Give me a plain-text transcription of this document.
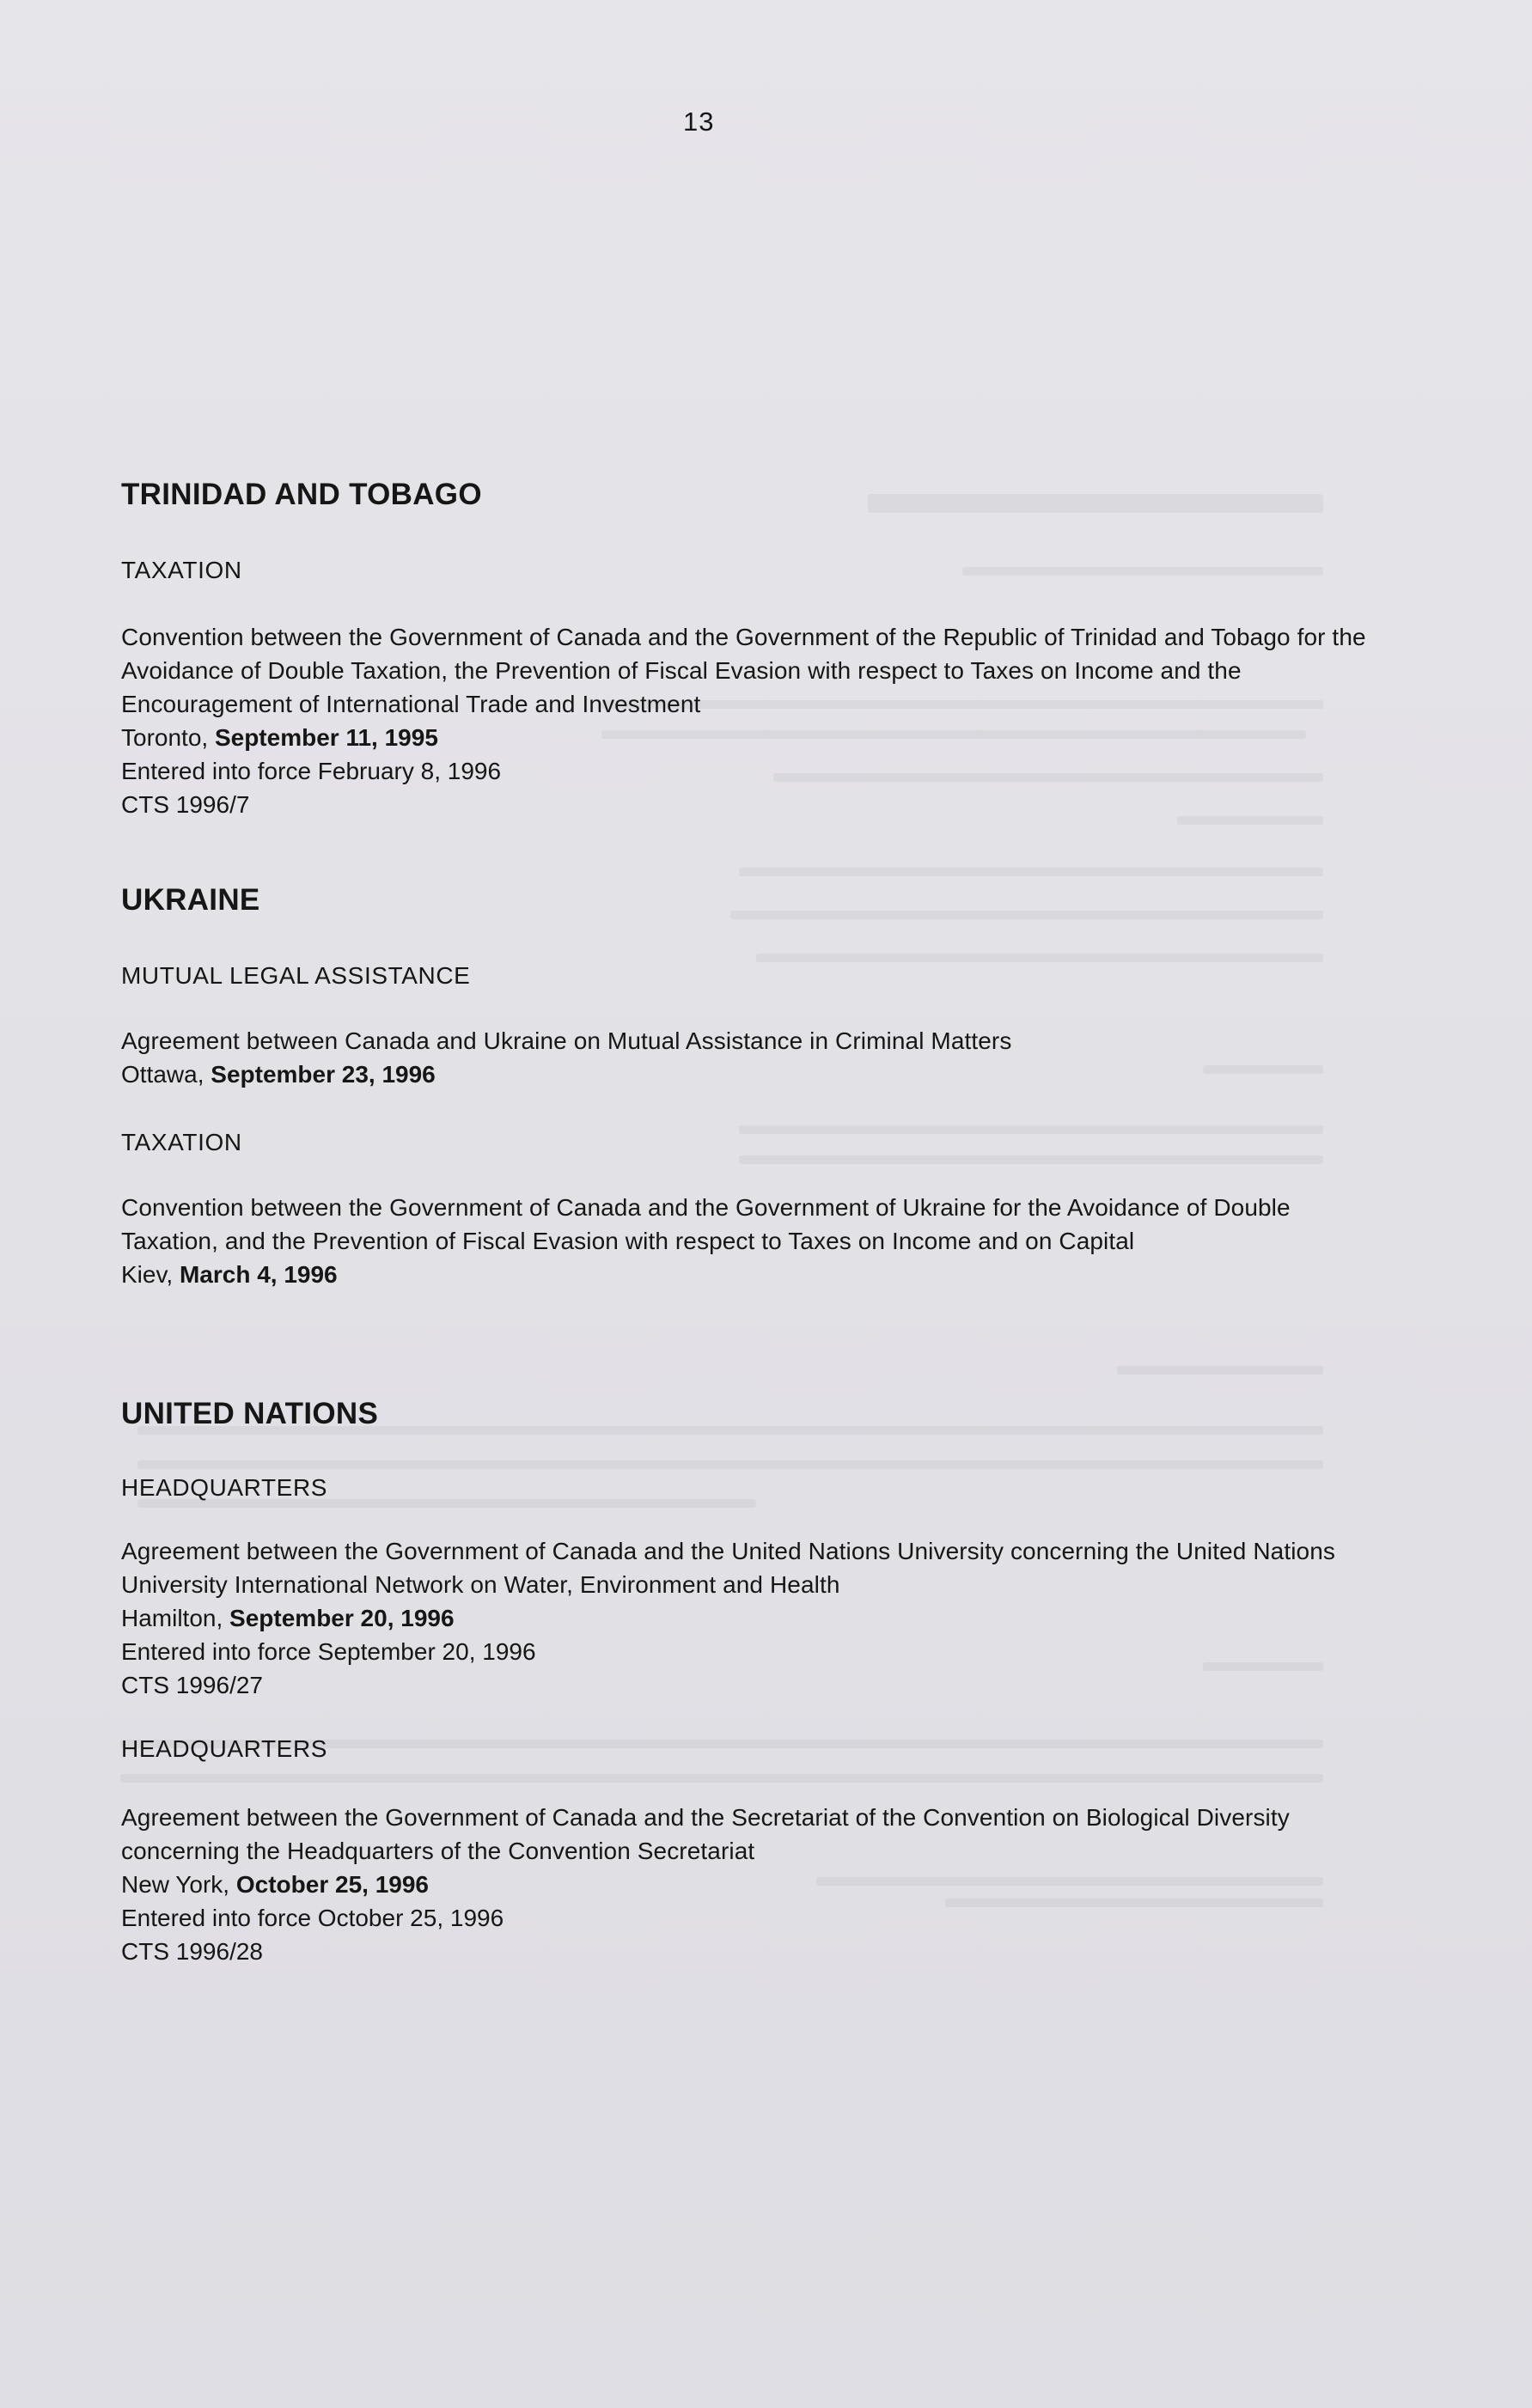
13
TRINIDAD AND TOBAGO

TAXATION

Convention between the Government of Canada and the Government of the Republic of Trinidad and Tobago for the Avoidance of Double Taxation, the Prevention of Fiscal Evasion with respect to Taxes on Income and the Encouragement of International Trade and Investment

Toronto, September 11, 1995

Entered into force February 8, 1996

CTS 1996/7

UKRAINE

MUTUAL LEGAL ASSISTANCE

Agreement between Canada and Ukraine on Mutual Assistance in Criminal Matters

Ottawa, September 23, 1996

TAXATION

Convention between the Government of Canada and the Government of Ukraine for the Avoidance of Double Taxation, and the Prevention of Fiscal Evasion with respect to Taxes on Income and on Capital

Kiev, March 4, 1996

UNITED NATIONS

HEADQUARTERS

Agreement between the Government of Canada and the United Nations University concerning the United Nations University International Network on Water, Environment and Health

Hamilton, September 20, 1996

Entered into force September 20, 1996

CTS 1996/27

HEADQUARTERS

Agreement between the Government of Canada and the Secretariat of the Convention on Biological Diversity concerning the Headquarters of the Convention Secretariat

New York, October 25, 1996

Entered into force October 25, 1996

CTS 1996/28
